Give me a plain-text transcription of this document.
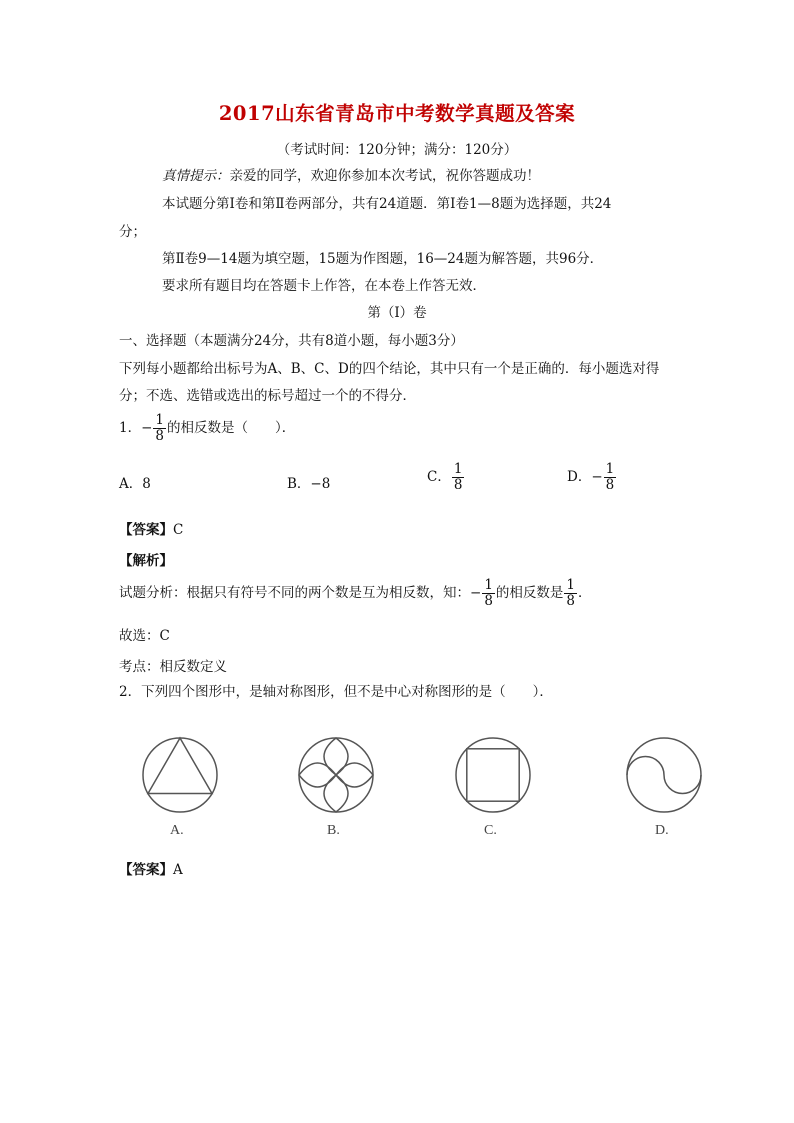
2017山东省青岛市中考数学真题及答案
（考试时间：120分钟；满分：120分）
真情提示：亲爱的同学，欢迎你参加本次考试，祝你答题成功！
本试题分第Ⅰ卷和第Ⅱ卷两部分，共有24道题．第Ⅰ卷1—8题为选择题，共24
分；
第Ⅱ卷9—14题为填空题，15题为作图题，16—24题为解答题，共96分．
要求所有题目均在答题卡上作答，在本卷上作答无效．
第（Ⅰ）卷
一、选择题（本题满分24分，共有8道小题，每小题3分）
下列每小题都给出标号为A、B、C、D的四个结论，其中只有一个是正确的．每小题选对得
分；不选、选错或选出的标号超过一个的不得分．
1．− $\frac{1}{8}$ 的相反数是（　　）．
A．8	B．−8	C． $\frac{1}{8}$	D．− $\frac{1}{8}$
【答案】C
【解析】
试题分析：根据只有符号不同的两个数是互为相反数，知：− $\frac{1}{8}$ 的相反数是 $\frac{1}{8}$ ．
故选：C
考点：相反数定义
2．下列四个图形中，是轴对称图形，但不是中心对称图形的是（　　）．
A.	B.	C.	D.
【答案】A
